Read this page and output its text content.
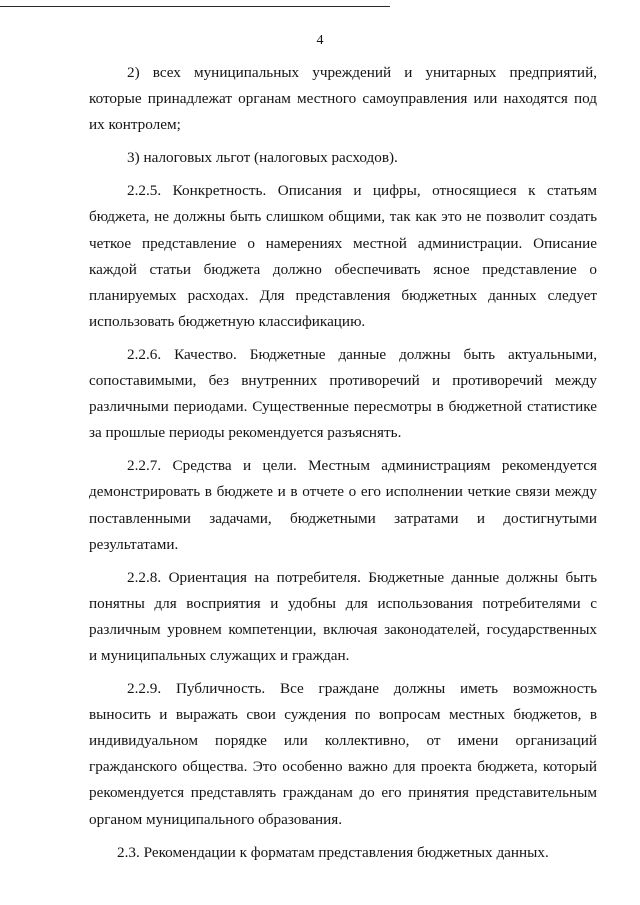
4
2) всех муниципальных учреждений и унитарных предприятий,
которые принадлежат органам местного самоуправления или находятся под
их контролем;
3) налоговых льгот (налоговых расходов).
2.2.5. Конкретность. Описания и цифры, относящиеся к статьям
бюджета, не должны быть слишком общими, так как это не позволит создать
четкое представление о намерениях местной администрации. Описание
каждой статьи бюджета должно обеспечивать ясное представление о
планируемых расходах. Для представления бюджетных данных следует
использовать бюджетную классификацию.
2.2.6. Качество. Бюджетные данные должны быть актуальными,
сопоставимыми, без внутренних противоречий и противоречий между
различными периодами. Существенные пересмотры в бюджетной статистике
за прошлые периоды рекомендуется разъяснять.
2.2.7. Средства и цели. Местным администрациям рекомендуется
демонстрировать в бюджете и в отчете о его исполнении четкие связи между
поставленными задачами, бюджетными затратами и достигнутыми
результатами.
2.2.8. Ориентация на потребителя. Бюджетные данные должны быть
понятны для восприятия и удобны для использования потребителями с
различным уровнем компетенции, включая законодателей, государственных
и муниципальных служащих и граждан.
2.2.9. Публичность. Все граждане должны иметь возможность
выносить и выражать свои суждения по вопросам местных бюджетов, в
индивидуальном порядке или коллективно, от имени организаций
гражданского общества. Это особенно важно для проекта бюджета, который
рекомендуется представлять гражданам до его принятия представительным
органом муниципального образования.
2.3. Рекомендации к форматам представления бюджетных данных.
